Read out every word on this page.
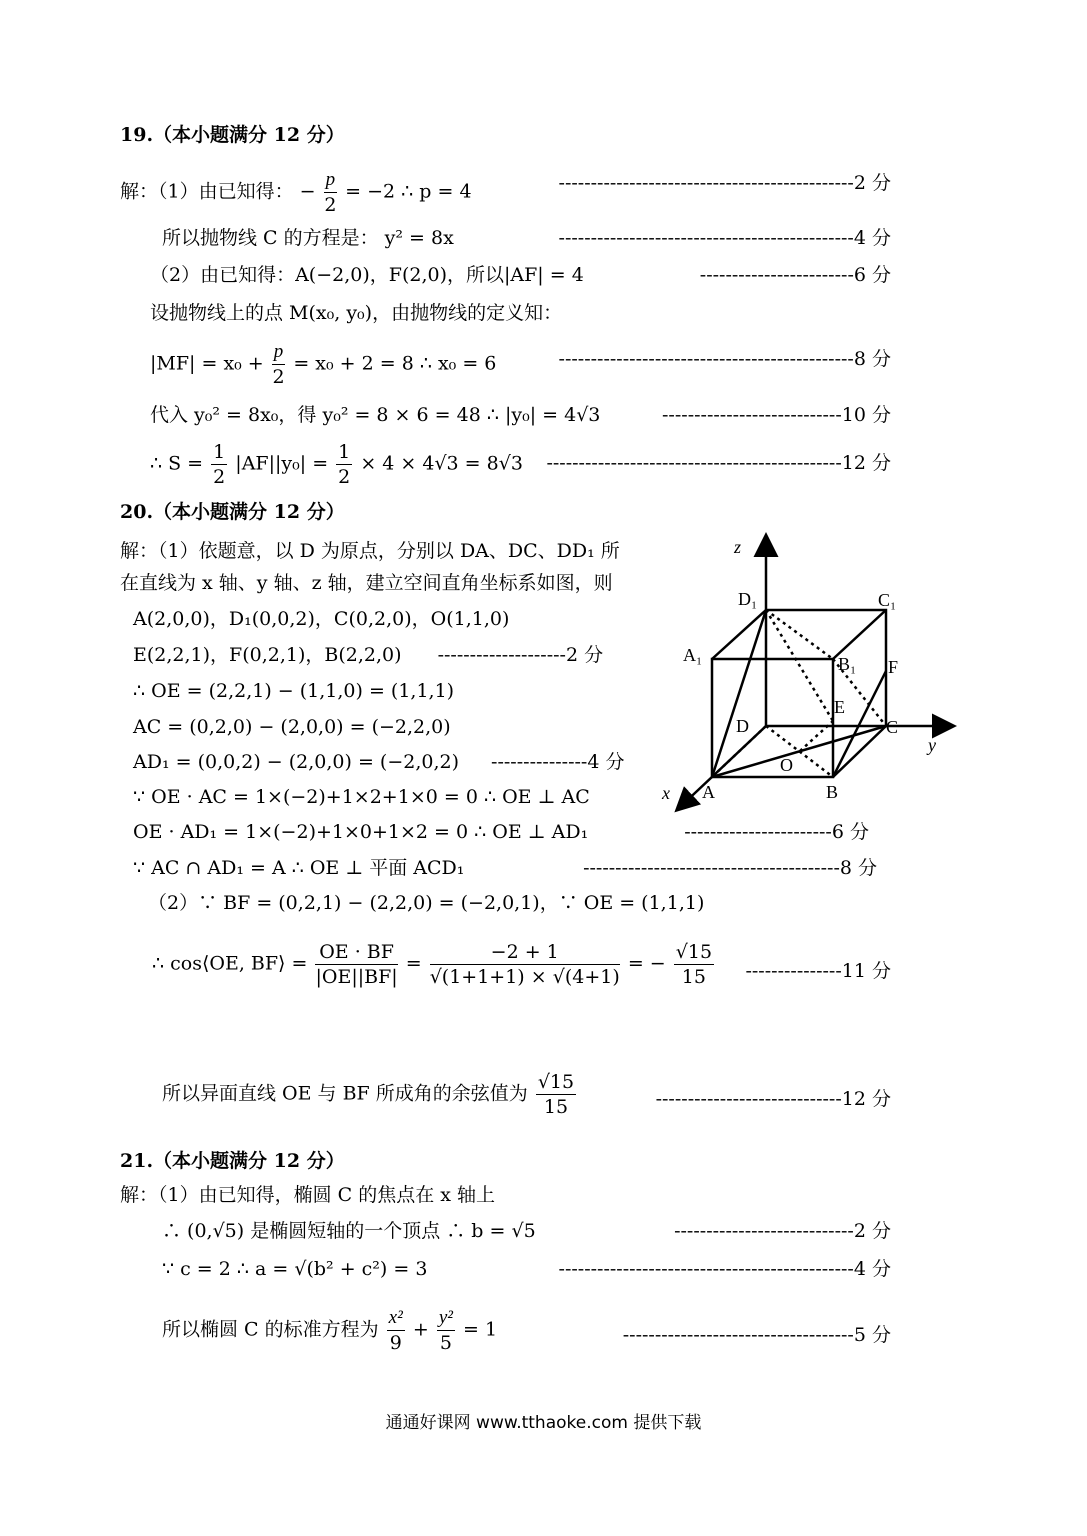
19.（本小题满分 12 分）
解：（1）由已知得： − $\frac{p}{2} = -2$ ∴ p = 4	----------------------------------------------2 分
所以抛物线 C 的方程是： y² = 8x	----------------------------------------------4 分
（2）由已知得：A(−2,0)，F(2,0)，所以|AF| = 4	------------------------6 分
设抛物线上的点 M(x₀, y₀)，由抛物线的定义知：
$|MF| = x_0 + \frac{p}{2} = x_0 + 2 = 8$ ∴ x₀ = 6	----------------------------------------------8 分
代入 y₀² = 8x₀，得 y₀² = 8 × 6 = 48 ∴ |y₀| = 4√3	----------------------------10 分
∴ $S = \frac{1}{2} |AF||y_0| = \frac{1}{2} \times 4 \times 4√3 = 8√3$ ----------------------------------------------12 分
20.（本小题满分 12 分）
解：（1）依题意，以 D 为原点，分别以 DA、DC、DD₁ 所
在直线为 x 轴、y 轴、z 轴，建立空间直角坐标系如图，则
A(2,0,0)，D₁(0,0,2)，C(0,2,0)，O(1,1,0)
E(2,2,1)，F(0,2,1)，B(2,2,0) --------------------2 分
∴ OE = (2,2,1) − (1,1,0) = (1,1,1)
AC = (0,2,0) − (2,0,0) = (−2,2,0)
AD₁ = (0,0,2) − (2,0,0) = (−2,0,2) ---------------4 分
∵ OE · AC = 1×(−2)+1×2+1×0 = 0 ∴ OE ⊥ AC
OE · AD₁ = 1×(−2)+1×0+1×2 = 0 ∴ OE ⊥ AD₁	-----------------------6 分
∵ AC ∩ AD₁ = A ∴ OE ⊥ 平面 ACD₁	----------------------------------------8 分
（2）∵ BF = (0,2,1) − (2,2,0) = (−2,0,1)，∵ OE = (1,1,1)
∴ cos⟨OE, BF⟩ = $\frac{OE \cdot BF}{|OE||BF|} = \frac{-2 + 1}{√(1+1+1) \times √(4+1)}$ = − $\frac{√15}{15} ---------------11$ 分
所以异面直线 OE 与 BF 所成角的余弦值为 $\frac{√15}{15}$	-----------------------------12 分
21.（本小题满分 12 分）
解：（1）由已知得，椭圆 C 的焦点在 x 轴上
∴ (0,√5) 是椭圆短轴的一个顶点 ∴ b = √5	----------------------------2 分
∵ c = 2 ∴ a = √(b² + c²) = 3	----------------------------------------------4 分
所以椭圆 C 的标准方程为 $\frac{\text{x²}}{9} + \frac{\text{y²}}{5} = 1$	------------------------------------5 分
z
y
x
D₁	C₁
A₁	B₁ F
E
D	C
O
A	B
通通好课网 www.tthaoke.com 提供下载
